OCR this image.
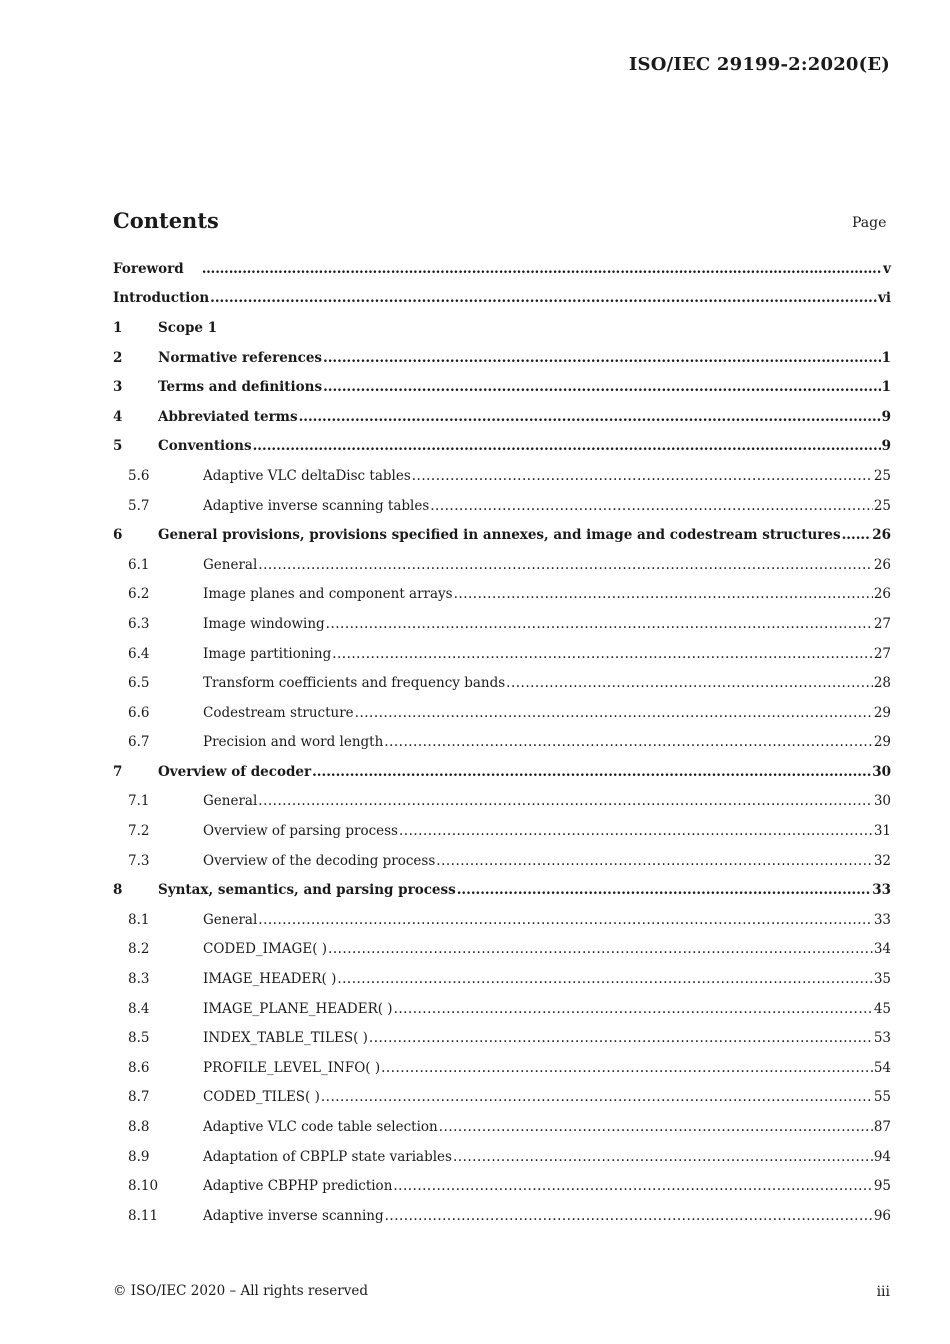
ISO/IEC 29199-2:2020(E)
Contents	Page
Foreword ……………………………………………………………………………………………………………………………………………………………………	v
Introduction .....	vi
1	Scope 1
2	Normative references .....	1
3	Terms and definitions .....	1
4	Abbreviated terms .....	9
5	Conventions .....	9
5.6	Adaptive VLC deltaDisc tables .....	25
5.7	Adaptive inverse scanning tables .....	25
6	General provisions, provisions specified in annexes, and image and codestream structures ..... 26
6.1	General .....	26
6.2	Image planes and component arrays .....	26
6.3	Image windowing .....	27
6.4	Image partitioning .....	27
6.5	Transform coefficients and frequency bands .....	28
6.6	Codestream structure .....	29
6.7	Precision and word length .....	29
7	Overview of decoder .....	30
7.1	General .....	30
7.2	Overview of parsing process .....	31
7.3	Overview of the decoding process .....	32
8	Syntax, semantics, and parsing process .....	33
8.1	General .....	33
8.2	CODED_IMAGE( ) .....	34
8.3	IMAGE_HEADER( ) .....	35
8.4	IMAGE_PLANE_HEADER( ) .....	45
8.5	INDEX_TABLE_TILES( ) .....	53
8.6	PROFILE_LEVEL_INFO( ) .....	54
8.7	CODED_TILES( ) .....	55
8.8	Adaptive VLC code table selection .....	87
8.9	Adaptation of CBPLP state variables .....	94
8.10	Adaptive CBPHP prediction .....	95
8.11	Adaptive inverse scanning .....	96
© ISO/IEC 2020 – All rights reserved	iii
